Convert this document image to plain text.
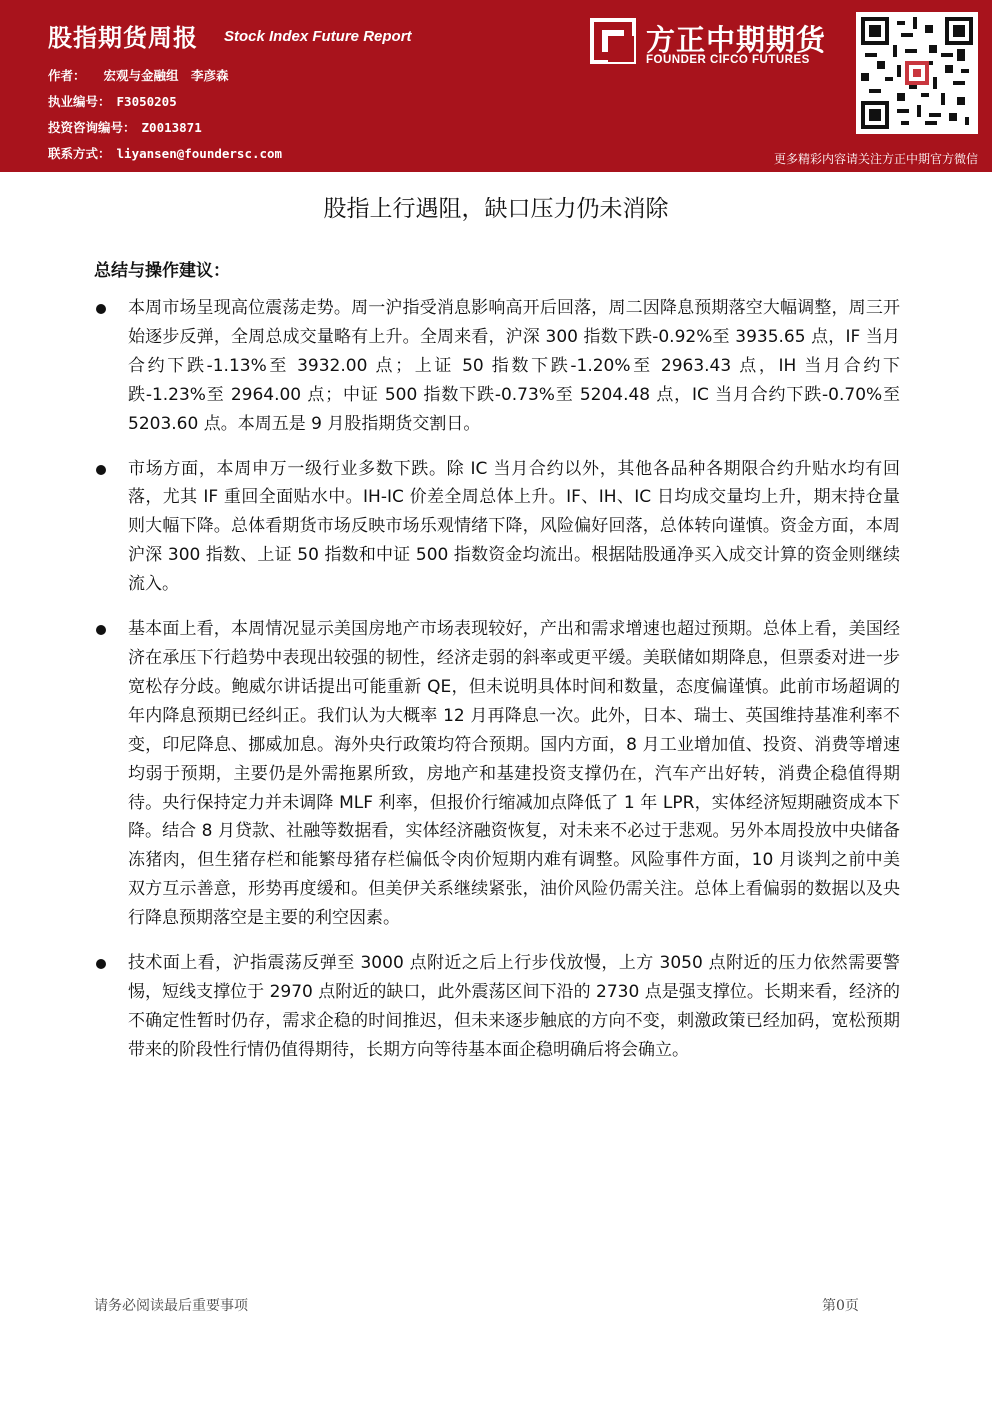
股指期货周报 Stock Index Future Report
作者： 宏观与金融组　李彦森
执业编号： F3050205
投资咨询编号： Z0013871
联系方式： liyansen@foundersc.com
方正中期期货
FOUNDER CIFCO FUTURES
更多精彩内容请关注方正中期官方微信
股指上行遇阻，缺口压力仍未消除
总结与操作建议：
本周市场呈现高位震荡走势。周一沪指受消息影响高开后回落，周二因降息预期落空大幅调整，周三开始逐步反弹，全周总成交量略有上升。全周来看，沪深 300 指数下跌-0.92%至 3935.65 点，IF 当月合约下跌-1.13%至 3932.00 点；上证 50 指数下跌-1.20%至 2963.43 点，IH 当月合约下跌-1.23%至 2964.00 点；中证 500 指数下跌-0.73%至 5204.48 点，IC 当月合约下跌-0.70%至 5203.60 点。本周五是 9 月股指期货交割日。
市场方面，本周申万一级行业多数下跌。除 IC 当月合约以外，其他各品种各期限合约升贴水均有回落，尤其 IF 重回全面贴水中。IH-IC 价差全周总体上升。IF、IH、IC 日均成交量均上升，期末持仓量则大幅下降。总体看期货市场反映市场乐观情绪下降，风险偏好回落，总体转向谨慎。资金方面，本周沪深 300 指数、上证 50 指数和中证 500 指数资金均流出。根据陆股通净买入成交计算的资金则继续流入。
基本面上看，本周情况显示美国房地产市场表现较好，产出和需求增速也超过预期。总体上看，美国经济在承压下行趋势中表现出较强的韧性，经济走弱的斜率或更平缓。美联储如期降息，但票委对进一步宽松存分歧。鲍威尔讲话提出可能重新 QE，但未说明具体时间和数量，态度偏谨慎。此前市场超调的年内降息预期已经纠正。我们认为大概率 12 月再降息一次。此外，日本、瑞士、英国维持基准利率不变，印尼降息、挪威加息。海外央行政策均符合预期。国内方面，8 月工业增加值、投资、消费等增速均弱于预期，主要仍是外需拖累所致，房地产和基建投资支撑仍在，汽车产出好转，消费企稳值得期待。央行保持定力并未调降 MLF 利率，但报价行缩减加点降低了 1 年 LPR，实体经济短期融资成本下降。结合 8 月贷款、社融等数据看，实体经济融资恢复，对未来不必过于悲观。另外本周投放中央储备冻猪肉，但生猪存栏和能繁母猪存栏偏低令肉价短期内难有调整。风险事件方面，10 月谈判之前中美双方互示善意，形势再度缓和。但美伊关系继续紧张，油价风险仍需关注。总体上看偏弱的数据以及央行降息预期落空是主要的利空因素。
技术面上看，沪指震荡反弹至 3000 点附近之后上行步伐放慢，上方 3050 点附近的压力依然需要警惕，短线支撑位于 2970 点附近的缺口，此外震荡区间下沿的 2730 点是强支撑位。长期来看，经济的不确定性暂时仍存，需求企稳的时间推迟，但未来逐步触底的方向不变，刺激政策已经加码，宽松预期带来的阶段性行情仍值得期待，长期方向等待基本面企稳明确后将会确立。
请务必阅读最后重要事项	第0页
